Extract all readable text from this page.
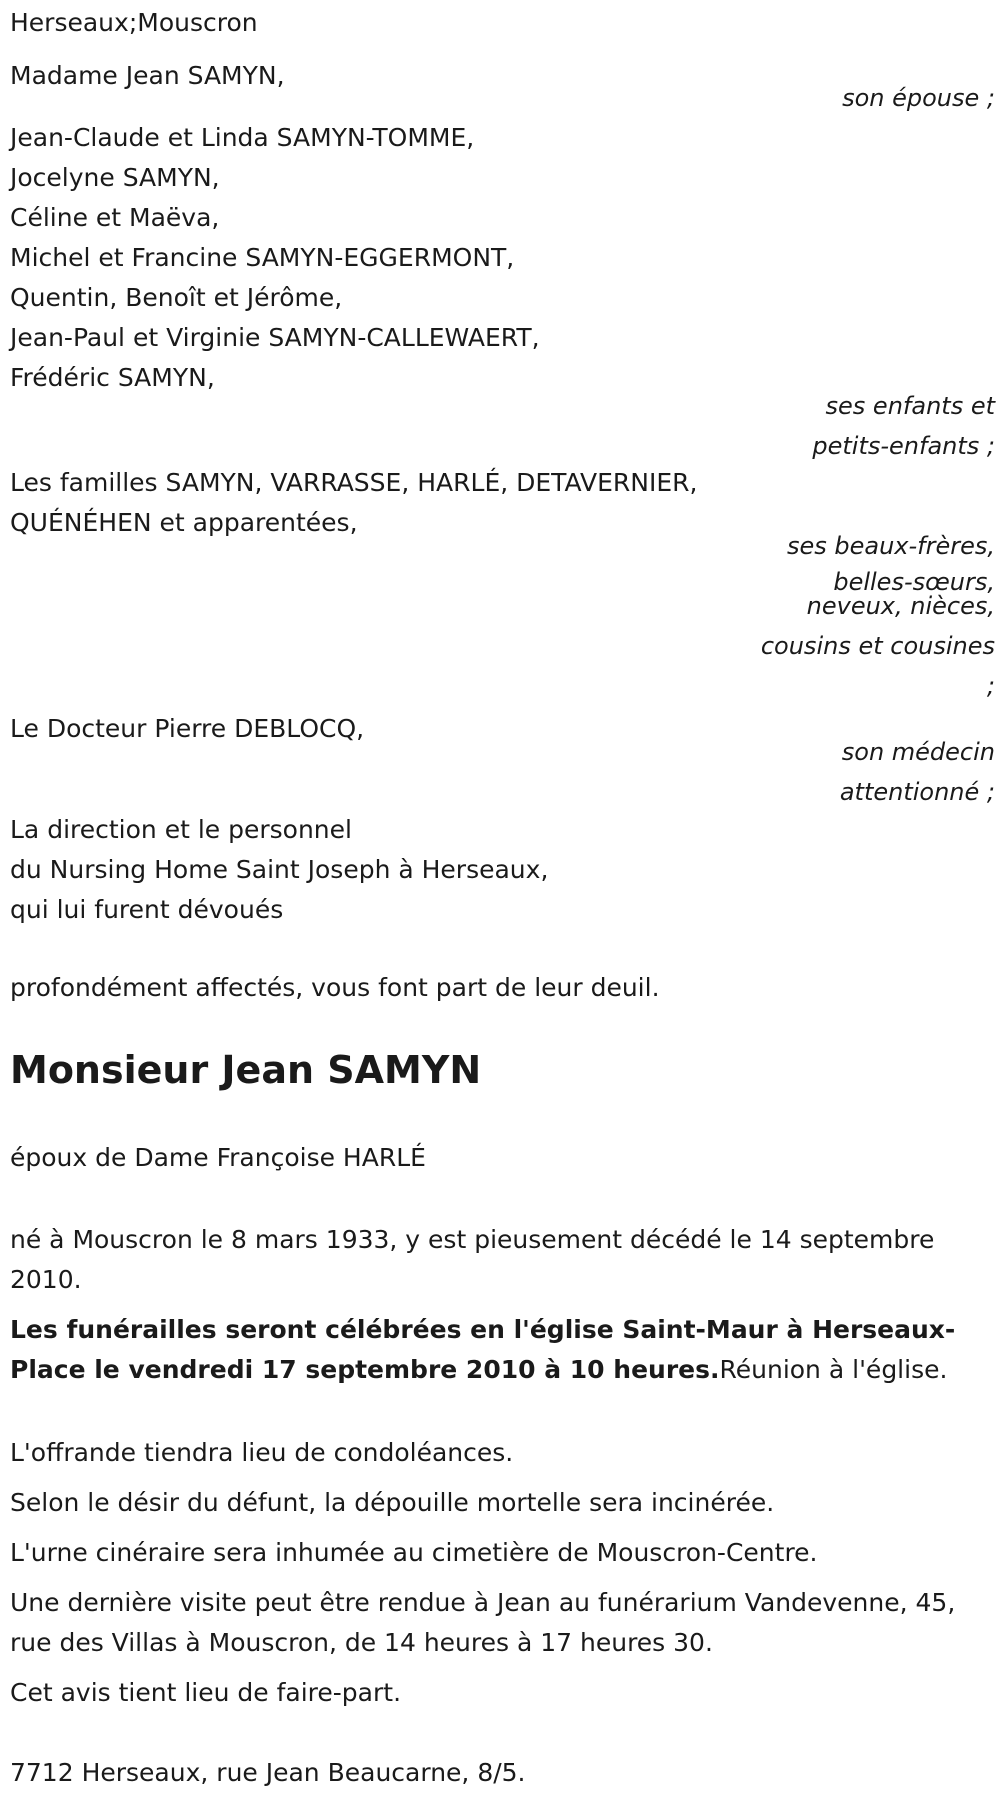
Herseaux;Mouscron
Madame Jean SAMYN,
son épouse ;
Jean-Claude et Linda SAMYN-TOMME,
Jocelyne SAMYN,
Céline et Maëva,
Michel et Francine SAMYN-EGGERMONT,
Quentin, Benoît et Jérôme,
Jean-Paul et Virginie SAMYN-CALLEWAERT,
Frédéric SAMYN,
ses enfants et
petits-enfants ;
Les familles SAMYN, VARRASSE, HARLÉ, DETAVERNIER,
QUÉNÉHEN et apparentées,
ses beaux-frères,
belles-sœurs,
neveux, nièces,
cousins et cousines
;
Le Docteur Pierre DEBLOCQ,
son médecin
attentionné ;
La direction et le personnel
du Nursing Home Saint Joseph à Herseaux,
qui lui furent dévoués
profondément affectés, vous font part de leur deuil.
Monsieur Jean SAMYN
époux de Dame Françoise HARLÉ
né à Mouscron le 8 mars 1933, y est pieusement décédé le 14 septembre 2010.
Les funérailles seront célébrées en l'église Saint-Maur à Herseaux-Place le vendredi 17 septembre 2010 à 10 heures.Réunion à l'église.
L'offrande tiendra lieu de condoléances.
Selon le désir du défunt, la dépouille mortelle sera incinérée.
L'urne cinéraire sera inhumée au cimetière de Mouscron-Centre.
Une dernière visite peut être rendue à Jean au funérarium Vandevenne, 45, rue des Villas à Mouscron, de 14 heures à 17 heures 30.
Cet avis tient lieu de faire-part.
7712 Herseaux, rue Jean Beaucarne, 8/5.
